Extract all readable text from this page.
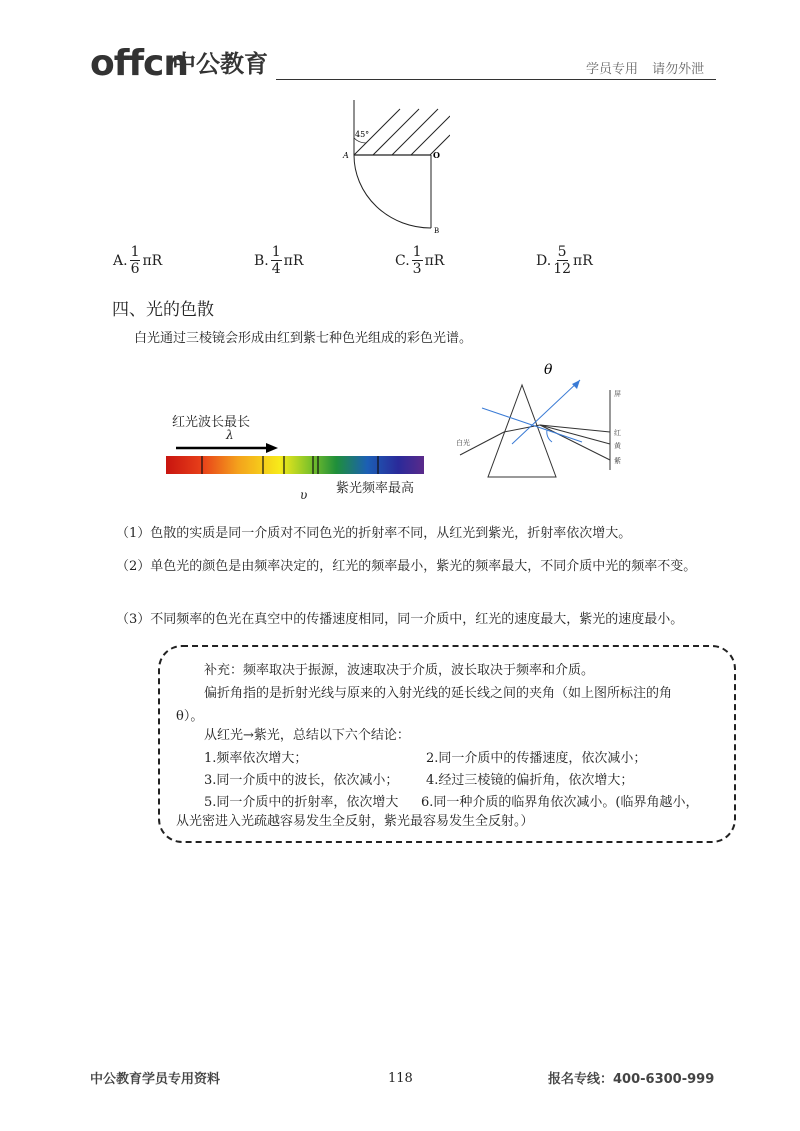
offcn
中公教育	学员专用 请勿外泄
45°
A	O
B
A. $\frac{1}{6}$ πR	B. $\frac{1}{4}$ πR	C. $\frac{1}{3}$ πR	D. $\frac{5}{12}$ πR
四、光的色散
白光通过三棱镜会形成由红到紫七种色光组成的彩色光谱。
红光波长最长
λ
υ 紫光频率最高
θ
白光
屏
红
黄
紫
（1）色散的实质是同一介质对不同色光的折射率不同，从红光到紫光，折射率依次增大。
（2）单色光的颜色是由频率决定的，红光的频率最小，紫光的频率最大，不同介质中光的频率不变。
（3）不同频率的色光在真空中的传播速度相同，同一介质中，红光的速度最大，紫光的速度最小。
补充：频率取决于振源，波速取决于介质，波长取决于频率和介质。
偏折角指的是折射光线与原来的入射光线的延长线之间的夹角（如上图所标注的角
θ）。
从红光→紫光，总结以下六个结论：
1.频率依次增大；	2.同一介质中的传播速度，依次减小；
3.同一介质中的波长，依次减小； 4.经过三棱镜的偏折角，依次增大；
5.同一介质中的折射率，依次增大 6.同一种介质的临界角依次减小。(临界角越小，
从光密进入光疏越容易发生全反射，紫光最容易发生全反射。）
中公教育学员专用资料	118	报名专线：400-6300-999
